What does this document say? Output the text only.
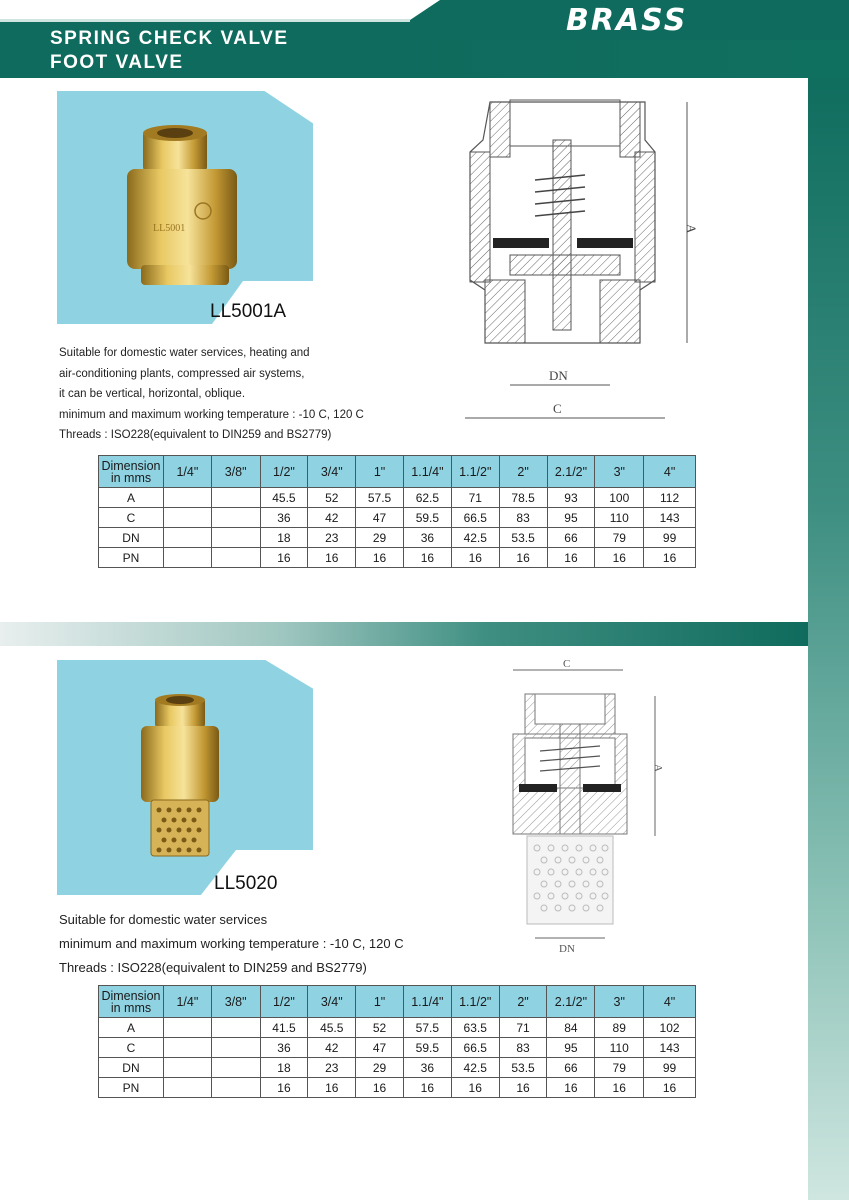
SPRING CHECK VALVE
FOOT VALVE
BRASS
LL5001
LL5001A
Suitable for domestic water services, heating and
air-conditioning plants, compressed air systems,
it can be vertical, horizontal, oblique.
minimum and maximum working temperature : -10 C, 120 C
Threads : ISO228(equivalent to DIN259 and BS2779)
A
DN
C
Dimension
in mms	1/4"	3/8"	1/2"	3/4"	1"	1.1/4"	1.1/2"	2"	2.1/2"	3"	4"
A			45.5	52	57.5	62.5	71	78.5	93	100	112
C			36	42	47	59.5	66.5	83	95	110	143
DN			18	23	29	36	42.5	53.5	66	79	99
PN			16	16	16	16	16	16	16	16	16
LL5020
Suitable for domestic water services
minimum and maximum working temperature : -10 C, 120 C
Threads : ISO228(equivalent to DIN259 and BS2779)
C
A
DN
Dimension
in mms	1/4"	3/8"	1/2"	3/4"	1"	1.1/4"	1.1/2"	2"	2.1/2"	3"	4"
A			41.5	45.5	52	57.5	63.5	71	84	89	102
C			36	42	47	59.5	66.5	83	95	110	143
DN			18	23	29	36	42.5	53.5	66	79	99
PN			16	16	16	16	16	16	16	16	16
